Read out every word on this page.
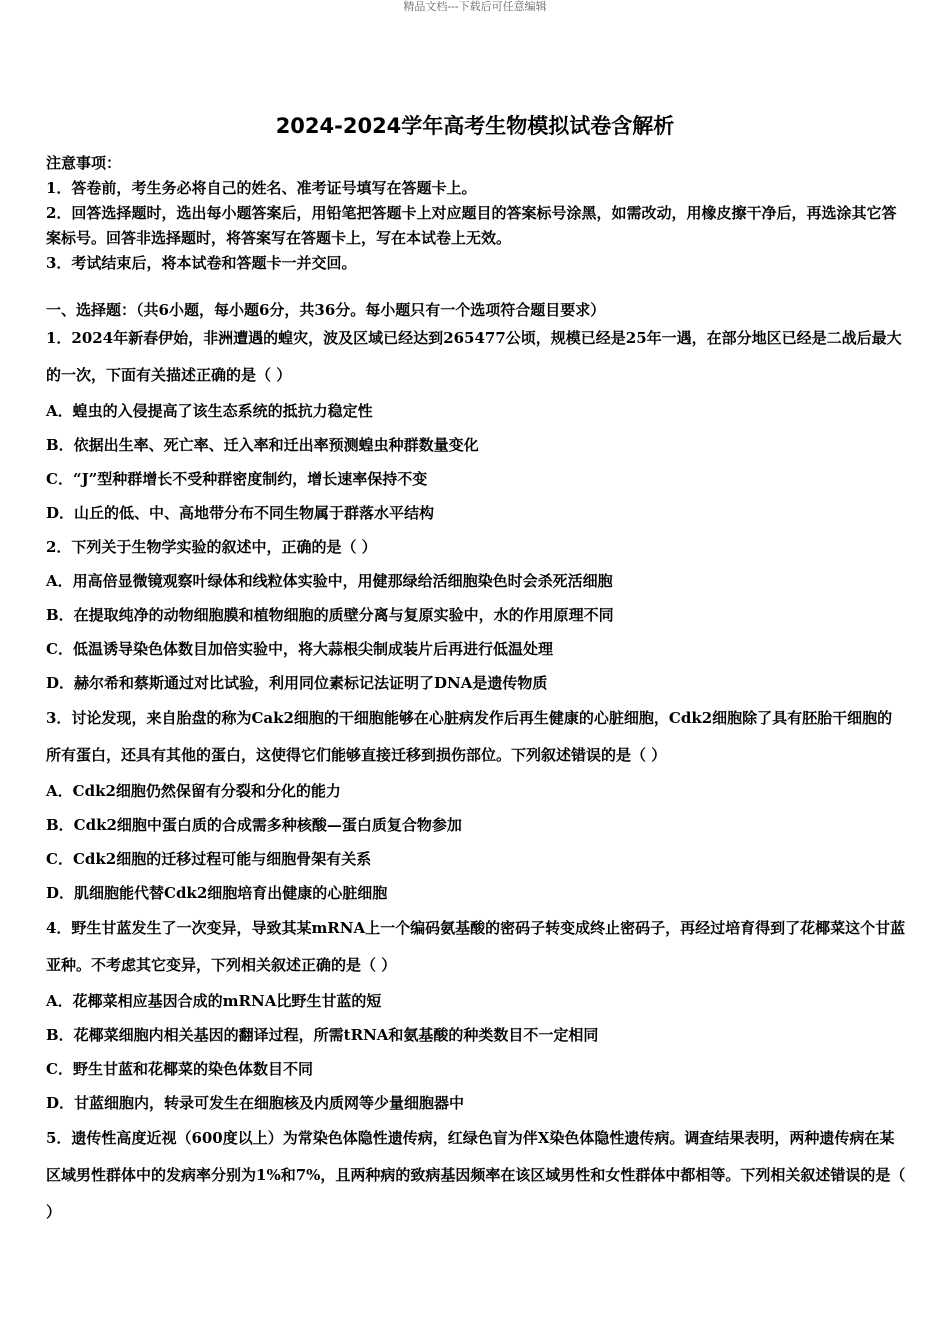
精品文档---下载后可任意编辑
2024-2024学年高考生物模拟试卷含解析

注意事项：

1．答卷前，考生务必将自己的姓名、准考证号填写在答题卡上。

2．回答选择题时，选出每小题答案后，用铅笔把答题卡上对应题目的答案标号涂黑，如需改动，用橡皮擦干净后，再选涂其它答案标号。回答非选择题时，将答案写在答题卡上，写在本试卷上无效。

3．考试结束后，将本试卷和答题卡一并交回。

一、选择题：（共6小题，每小题6分，共36分。每小题只有一个选项符合题目要求）

1．2024年新春伊始，非洲遭遇的蝗灾，波及区域已经达到265477公顷，规模已经是25年一遇，在部分地区已经是二战后最大的一次，下面有关描述正确的是（ ）

A．蝗虫的入侵提高了该生态系统的抵抗力稳定性

B．依据出生率、死亡率、迁入率和迁出率预测蝗虫种群数量变化

C．“J”型种群增长不受种群密度制约，增长速率保持不变

D．山丘的低、中、高地带分布不同生物属于群落水平结构

2．下列关于生物学实验的叙述中，正确的是（ ）

A．用高倍显微镜观察叶绿体和线粒体实验中，用健那绿给活细胞染色时会杀死活细胞

B．在提取纯净的动物细胞膜和植物细胞的质壁分离与复原实验中，水的作用原理不同

C．低温诱导染色体数目加倍实验中，将大蒜根尖制成装片后再进行低温处理

D．赫尔希和蔡斯通过对比试验，利用同位素标记法证明了DNA是遗传物质

3．讨论发现，来自胎盘的称为Cak2细胞的干细胞能够在心脏病发作后再生健康的心脏细胞，Cdk2细胞除了具有胚胎干细胞的所有蛋白，还具有其他的蛋白，这使得它们能够直接迁移到损伤部位。下列叙述错误的是（ ）

A．Cdk2细胞仍然保留有分裂和分化的能力

B．Cdk2细胞中蛋白质的合成需多种核酸—蛋白质复合物参加

C．Cdk2细胞的迁移过程可能与细胞骨架有关系

D．肌细胞能代替Cdk2细胞培育出健康的心脏细胞

4．野生甘蓝发生了一次变异，导致其某mRNA上一个编码氨基酸的密码子转变成终止密码子，再经过培育得到了花椰菜这个甘蓝亚种。不考虑其它变异，下列相关叙述正确的是（ ）

A．花椰菜相应基因合成的mRNA比野生甘蓝的短

B．花椰菜细胞内相关基因的翻译过程，所需tRNA和氨基酸的种类数目不一定相同

C．野生甘蓝和花椰菜的染色体数目不同

D．甘蓝细胞内，转录可发生在细胞核及内质网等少量细胞器中

5．遗传性高度近视（600度以上）为常染色体隐性遗传病，红绿色盲为伴X染色体隐性遗传病。调查结果表明，两种遗传病在某区域男性群体中的发病率分别为1%和7%，且两种病的致病基因频率在该区域男性和女性群体中都相等。下列相关叙述错误的是（ ）
